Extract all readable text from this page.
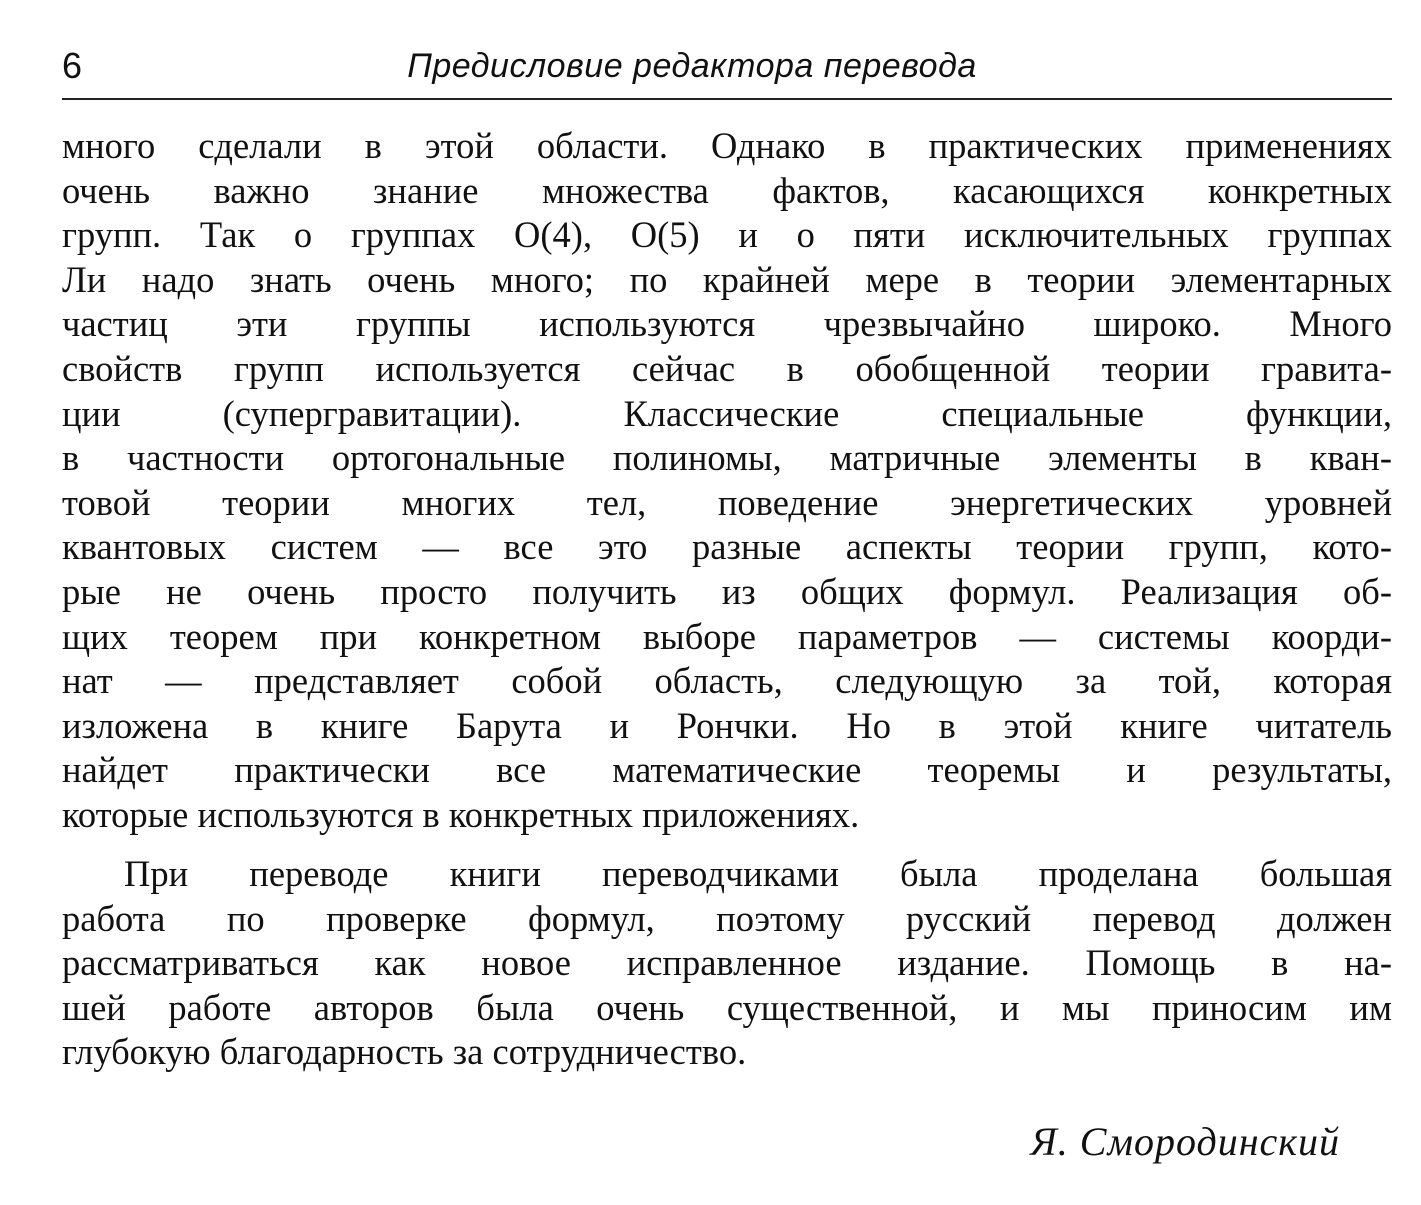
6	Предисловие редактора перевода
много сделали в этой области. Однако в практических применениях
очень важно знание множества фактов, касающихся конкретных
групп. Так о группах O(4), O(5) и о пяти исключительных группах
Ли надо знать очень много; по крайней мере в теории элементарных
частиц эти группы используются чрезвычайно широко. Много
свойств групп используется сейчас в обобщенной теории гравита-
ции (супергравитации). Классические специальные функции,
в частности ортогональные полиномы, матричные элементы в кван-
товой теории многих тел, поведение энергетических уровней
квантовых систем — все это разные аспекты теории групп, кото-
рые не очень просто получить из общих формул. Реализация об-
щих теорем при конкретном выборе параметров — системы коорди-
нат — представляет собой область, следующую за той, которая
изложена в книге Барута и Рончки. Но в этой книге читатель
найдет практически все математические теоремы и результаты,
которые используются в конкретных приложениях.
При переводе книги переводчиками была проделана большая
работа по проверке формул, поэтому русский перевод должен
рассматриваться как новое исправленное издание. Помощь в на-
шей работе авторов была очень существенной, и мы приносим им
глубокую благодарность за сотрудничество.
Я. Смородинский
